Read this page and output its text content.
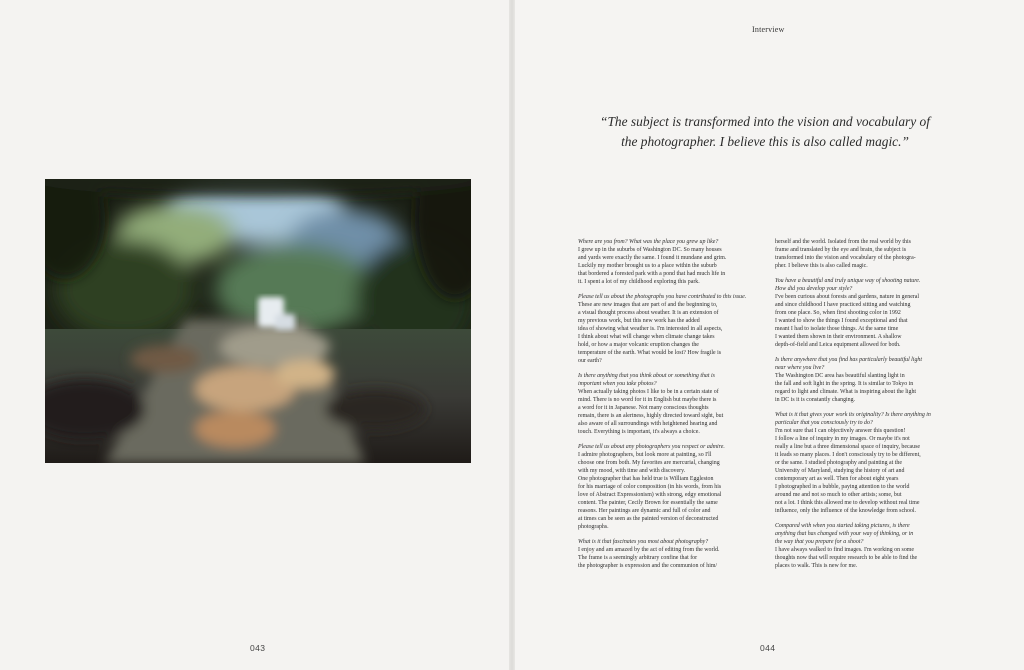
Interview
“The subject is transformed into the vision and vocabulary of
the photographer. I believe this is also called magic.”
Where are you from? What was the place you grew up like?
I grew up in the suburbs of Washington DC. So many houses
and yards were exactly the same. I found it mundane and grim.
Luckily my mother brought us to a place within the suburb
that bordered a forested park with a pond that had much life in
it. I spent a lot of my childhood exploring this park.
Please tell us about the photographs you have contributed to this issue.
These are new images that are part of and the beginning to,
a visual thought process about weather. It is an extension of
my previous work, but this new work has the added
idea of showing what weather is. I'm interested in all aspects,
I think about what will change when climate change takes
hold, or how a major volcanic eruption changes the
temperature of the earth. What would be lost? How fragile is
our earth?
Is there anything that you think about or something that is
important when you take photos?
When actually taking photos I like to be in a certain state of
mind. There is no word for it in English but maybe there is
a word for it in Japanese. Not many conscious thoughts
remain, there is an alertness, highly directed toward sight, but
also aware of all surroundings with heightened hearing and
touch. Everything is important, it's always a choice.
Please tell us about any photographers you respect or admire.
I admire photographers, but look more at painting, so I'll
choose one from both. My favorites are mercurial, changing
with my mood, with time and with discovery.
One photographer that has held true is William Eggleston
for his marriage of color composition (in his words, from his
love of Abstract Expressionism) with strong, edgy emotional
content. The painter, Cecily Brown for essentially the same
reasons. Her paintings are dynamic and full of color and
at times can be seen as the painted version of deconstructed
photographs.
What is it that fascinates you most about photography?
I enjoy and am amazed by the act of editing from the world.
The frame is a seemingly arbitrary confine that for
the photographer is expression and the communion of him/
herself and the world. Isolated from the real world by this
frame and translated by the eye and brain, the subject is
transformed into the vision and vocabulary of the photogra-
pher. I believe this is also called magic.
You have a beautiful and truly unique way of shooting nature.
How did you develop your style?
I've been curious about forests and gardens, nature in general
and since childhood I have practiced sitting and watching
from one place. So, when first shooting color in 1992
I wanted to show the things I found exceptional and that
meant I had to isolate those things. At the same time
I wanted them shown in their environment. A shallow
depth-of-field and Leica equipment allowed for both.
Is there anywhere that you find has particularly beautiful light
near where you live?
The Washington DC area has beautiful slanting light in
the fall and soft light in the spring. It is similar to Tokyo in
regard to light and climate. What is inspiring about the light
in DC is it is constantly changing.
What is it that gives your work its originality? Is there anything in
particular that you consciously try to do?
I'm not sure that I can objectively answer this question!
I follow a line of inquiry in my images. Or maybe it's not
really a line but a three dimensional space of inquiry, because
it leads so many places. I don't consciously try to be different,
or the same. I studied photography and painting at the
University of Maryland, studying the history of art and
contemporary art as well. Then for about eight years
I photographed in a bubble, paying attention to the world
around me and not so much to other artists; some, but
not a lot. I think this allowed me to develop without real time
influence, only the influence of the knowledge from school.
Compared with when you started taking pictures, is there
anything that has changed with your way of thinking, or in
the way that you prepare for a shoot?
I have always walked to find images. I'm working on some
thoughts now that will require research to be able to find the
places to walk. This is new for me.
043	044
